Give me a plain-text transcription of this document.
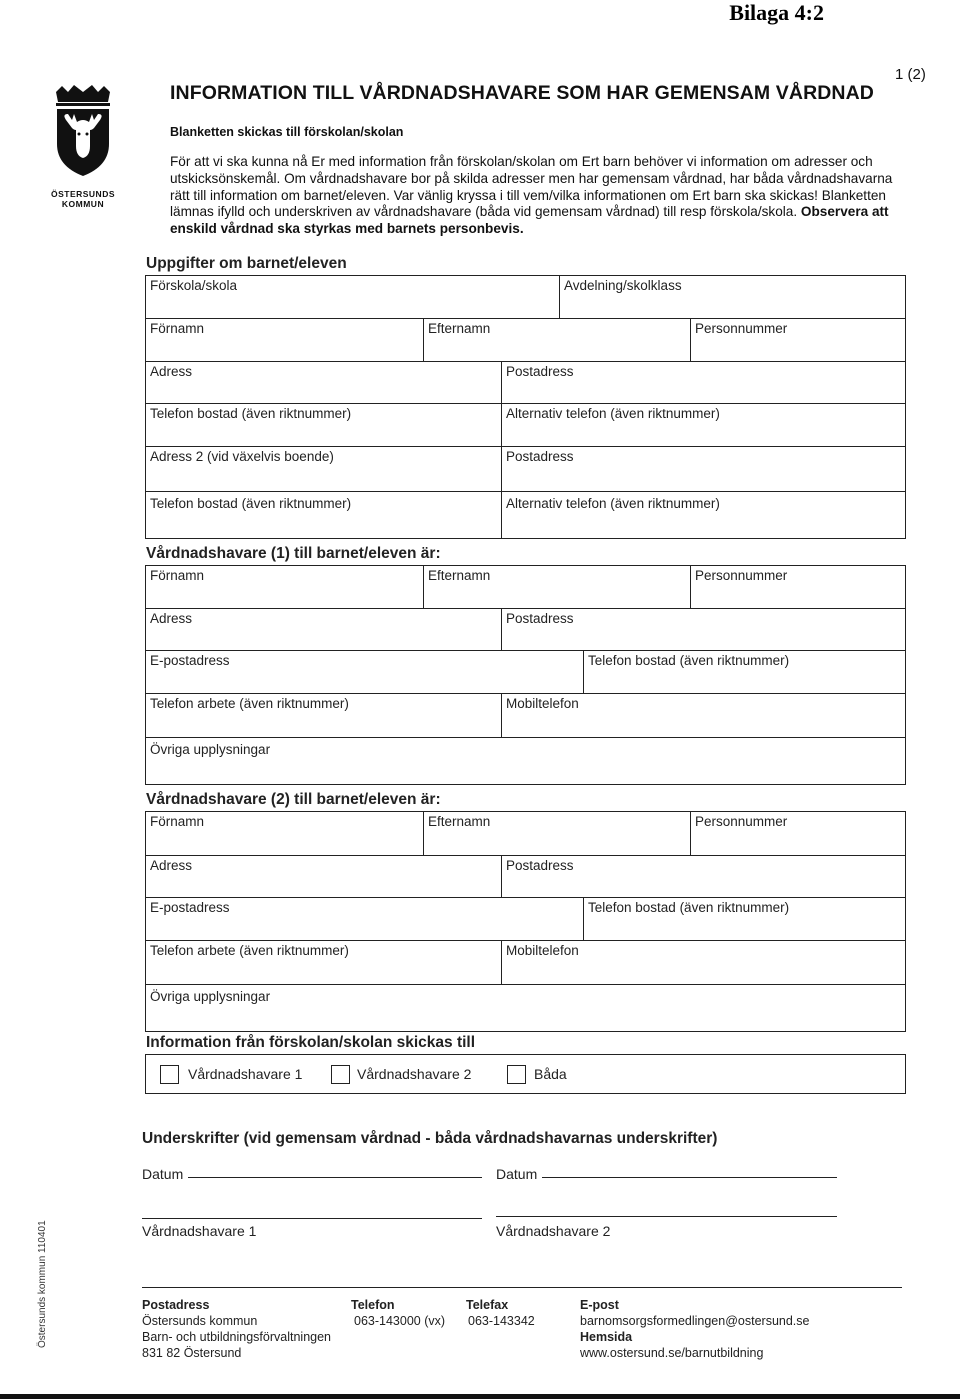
Bilaga 4:2
1 (2)
ÖSTERSUNDS
KOMMUN
INFORMATION TILL VÅRDNADSHAVARE SOM HAR GEMENSAM VÅRDNAD
Blanketten skickas till förskolan/skolan
För att vi ska kunna nå Er med information från förskolan/skolan om Ert barn behöver vi information om adresser och utskicksönskemål. Om vårdnadshavare bor på skilda adresser men har gemensam vårdnad, har båda vårdnadshavarna rätt till information om barnet/eleven. Var vänlig kryssa i till vem/vilka informationen om Ert barn ska skickas! Blanketten lämnas ifylld och underskriven av vårdnadshavare (båda vid gemensam vårdnad) till resp förskola/skola. Observera att enskild vårdnad ska styrkas med barnets personbevis.
Uppgifter om barnet/eleven
Förskola/skola	Avdelning/skolklass
Förnamn	Efternamn	Personnummer
Adress	Postadress
Telefon bostad (även riktnummer)	Alternativ telefon (även riktnummer)
Adress 2 (vid växelvis boende)	Postadress
Telefon bostad (även riktnummer)	Alternativ telefon (även riktnummer)
Vårdnadshavare (1) till barnet/eleven är:
Förnamn	Efternamn	Personnummer
Adress	Postadress
E-postadress	Telefon bostad (även riktnummer)
Telefon arbete (även riktnummer)	Mobiltelefon
Övriga upplysningar
Vårdnadshavare (2) till barnet/eleven är:
Förnamn	Efternamn	Personnummer
Adress	Postadress
E-postadress	Telefon bostad (även riktnummer)
Telefon arbete (även riktnummer)	Mobiltelefon
Övriga upplysningar
Information från förskolan/skolan skickas till
Vårdnadshavare 1	Vårdnadshavare 2	Båda
Underskrifter (vid gemensam vårdnad - båda vårdnadshavarnas underskrifter)
Datum	Datum
Vårdnadshavare 1	Vårdnadshavare 2
Postadress
Östersunds kommun
Barn- och utbildningsförvaltningen
831 82 Östersund
Telefon
063-143000 (vx)
Telefax
063-143342
E-post
barnomsorgsformedlingen@ostersund.se
Hemsida
www.ostersund.se/barnutbildning
Östersunds kommun 110401
